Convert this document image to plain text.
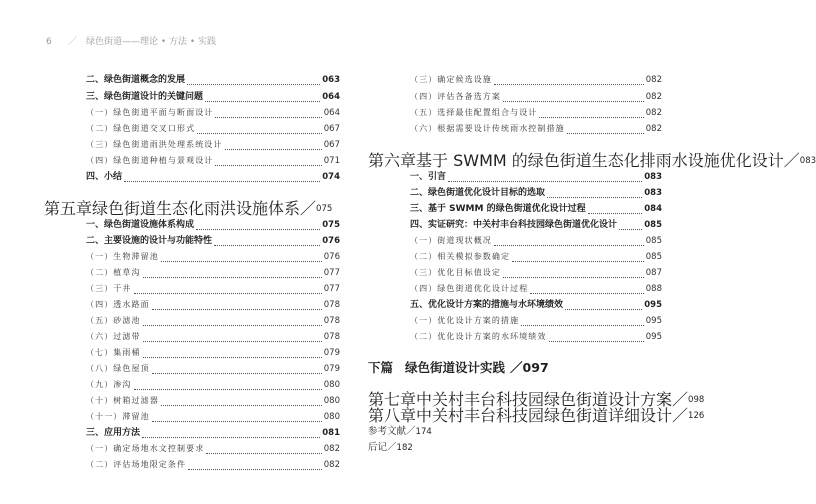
6 ／ 绿色街道——理论 • 方法 • 实践
二、绿色街道概念的发展	063
三、绿色街道设计的关键问题	064
（一）绿色街道平面与断面设计	064
（二）绿色街道交叉口形式	067
（三）绿色街道雨洪处理系统设计	067
（四）绿色街道种植与景观设计	071
四、小结	074
第五章 绿色街道生态化雨洪设施体系 ／ 075
一、绿色街道设施体系构成	075
二、主要设施的设计与功能特性	076
（一）生物滞留池	076
（二）植草沟	077
（三）干井	077
（四）透水路面	078
（五）砂滤池	078
（六）过滤带	078
（七）集雨桶	079
（八）绿色屋顶	079
（九）渗沟	080
（十）树箱过滤器	080
（十一）滞留池	080
三、应用方法	081
（一）确定场地水文控制要求	082
（二）评估场地限定条件	082
（三）确定候选设施	082
（四）评估各备选方案	082
（五）选择最佳配置组合与设计	082
（六）根据需要设计传统雨水控制措施	082
第六章 基于 SWMM 的绿色街道生态化排雨水设施优化设计 ／ 083
一、引言	083
二、绿色街道优化设计目标的选取	083
三、基于 SWMM 的绿色街道优化设计过程	084
四、实证研究：中关村丰台科技园绿色街道优化设计	085
（一）街道现状概况	085
（二）相关模拟参数确定	085
（三）优化目标值设定	087
（四）绿色街道优化设计过程	088
五、优化设计方案的措施与水环境绩效	095
（一）优化设计方案的措施	095
（二）优化设计方案的水环境绩效	095
下篇 绿色街道设计实践 ／ 097
第七章 中关村丰台科技园绿色街道设计方案 ／ 098
第八章 中关村丰台科技园绿色街道详细设计 ／ 126
参考文献 ／ 174
后记 ／ 182
